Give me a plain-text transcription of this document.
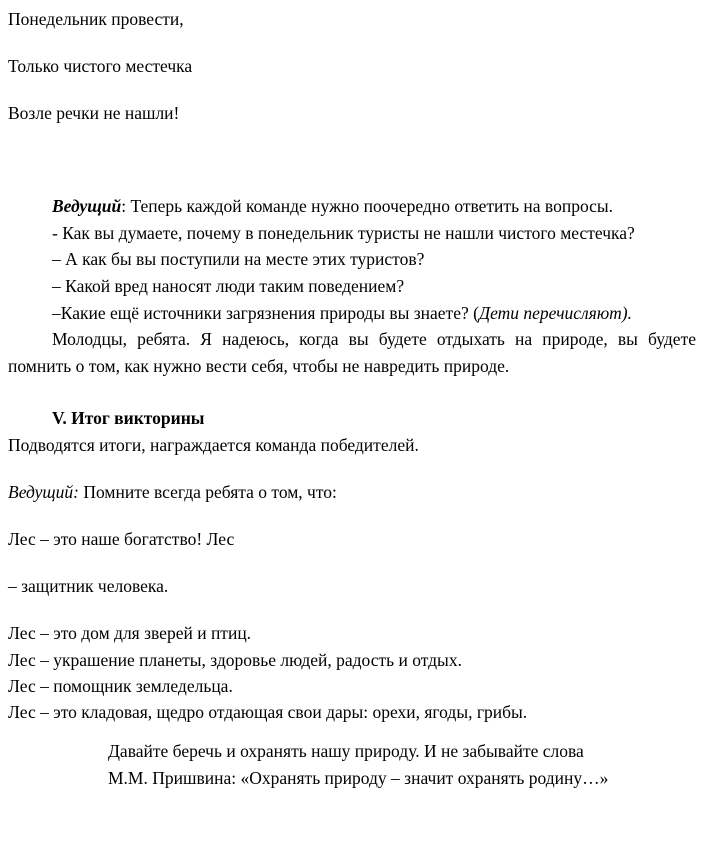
Понедельник провести,

Только чистого местечка

Возле речки не нашли!

Ведущий: Теперь каждой команде нужно поочередно ответить на вопросы.

- Как вы думаете, почему в понедельник туристы не нашли чистого местечка?

– А как бы вы поступили на месте этих туристов?

– Какой вред наносят люди таким поведением?

–Какие ещё источники загрязнения природы вы знаете? (Дети перечисляют).

Молодцы, ребята. Я надеюсь, когда вы будете отдыхать на природе, вы будете помнить о том, как нужно вести себя, чтобы не навредить природе.

V. Итог викторины

Подводятся итоги, награждается команда победителей.

Ведущий: Помните всегда ребята о том, что:

Лес – это наше богатство! Лес

– защитник человека.

Лес – это дом для зверей и птиц.

Лес – украшение планеты, здоровье людей, радость и отдых.

Лес – помощник земледельца.

Лес – это кладовая, щедро отдающая свои дары: орехи, ягоды, грибы.

Давайте беречь и охранять нашу природу. И не забывайте слова

М.М. Пришвина: «Охранять природу – значит охранять родину…»
